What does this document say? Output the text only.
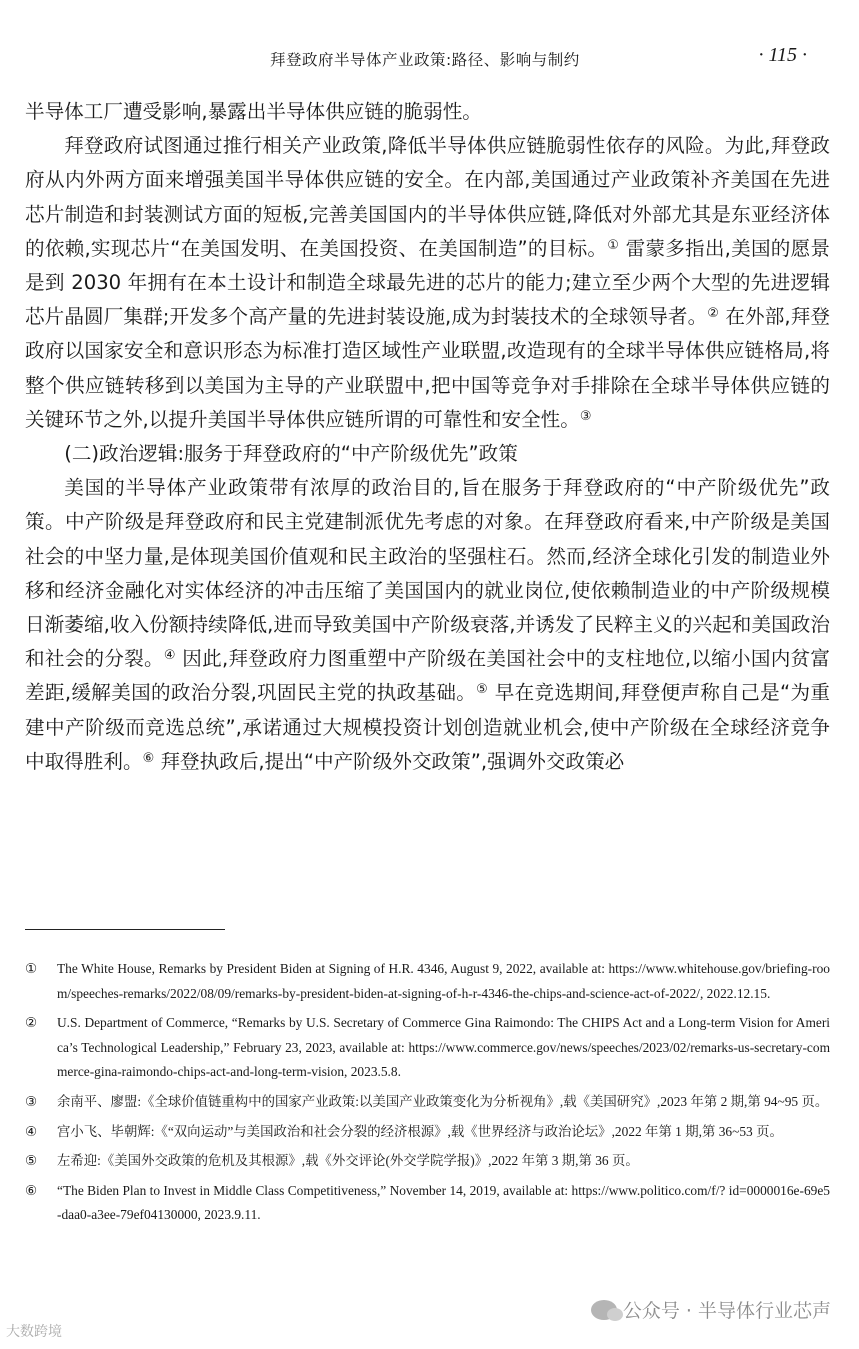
拜登政府半导体产业政策:路径、影响与制约	· 115 ·

半导体工厂遭受影响,暴露出半导体供应链的脆弱性。

拜登政府试图通过推行相关产业政策,降低半导体供应链脆弱性依存的风险。为此,拜登政府从内外两方面来增强美国半导体供应链的安全。在内部,美国通过产业政策补齐美国在先进芯片制造和封装测试方面的短板,完善美国国内的半导体供应链,降低对外部尤其是东亚经济体的依赖,实现芯片“在美国发明、在美国投资、在美国制造”的目标。① 雷蒙多指出,美国的愿景是到 2030 年拥有在本土设计和制造全球最先进的芯片的能力;建立至少两个大型的先进逻辑芯片晶圆厂集群;开发多个高产量的先进封装设施,成为封装技术的全球领导者。② 在外部,拜登政府以国家安全和意识形态为标准打造区域性产业联盟,改造现有的全球半导体供应链格局,将整个供应链转移到以美国为主导的产业联盟中,把中国等竞争对手排除在全球半导体供应链的关键环节之外,以提升美国半导体供应链所谓的可靠性和安全性。③

(二)政治逻辑:服务于拜登政府的“中产阶级优先”政策

美国的半导体产业政策带有浓厚的政治目的,旨在服务于拜登政府的“中产阶级优先”政策。中产阶级是拜登政府和民主党建制派优先考虑的对象。在拜登政府看来,中产阶级是美国社会的中坚力量,是体现美国价值观和民主政治的坚强柱石。然而,经济全球化引发的制造业外移和经济金融化对实体经济的冲击压缩了美国国内的就业岗位,使依赖制造业的中产阶级规模日渐萎缩,收入份额持续降低,进而导致美国中产阶级衰落,并诱发了民粹主义的兴起和美国政治和社会的分裂。④ 因此,拜登政府力图重塑中产阶级在美国社会中的支柱地位,以缩小国内贫富差距,缓解美国的政治分裂,巩固民主党的执政基础。⑤ 早在竞选期间,拜登便声称自己是“为重建中产阶级而竞选总统”,承诺通过大规模投资计划创造就业机会,使中产阶级在全球经济竞争中取得胜利。⑥ 拜登执政后,提出“中产阶级外交政策”,强调外交政策必

①	The White House, Remarks by President Biden at Signing of H.R. 4346, August 9, 2022, available at: https://www.whitehouse.gov/briefing-room/speeches-remarks/2022/08/09/remarks-by-president-biden-at-signing-of-h-r-4346-the-chips-and-science-act-of-2022/, 2022.12.15.
②	U.S. Department of Commerce, “Remarks by U.S. Secretary of Commerce Gina Raimondo: The CHIPS Act and a Long-term Vision for America’s Technological Leadership,” February 23, 2023, available at: https://www.commerce.gov/news/speeches/2023/02/remarks-us-secretary-commerce-gina-raimondo-chips-act-and-long-term-vision, 2023.5.8.
③	余南平、廖盟:《全球价值链重构中的国家产业政策:以美国产业政策变化为分析视角》,载《美国研究》,2023 年第 2 期,第 94~95 页。
④	宫小飞、毕朝辉:《“双向运动”与美国政治和社会分裂的经济根源》,载《世界经济与政治论坛》,2022 年第 1 期,第 36~53 页。
⑤	左希迎:《美国外交政策的危机及其根源》,载《外交评论(外交学院学报)》,2022 年第 3 期,第 36 页。
⑥	“The Biden Plan to Invest in Middle Class Competitiveness,” November 14, 2019, available at: https://www.politico.com/f/? id=0000016e-69e5-daa0-a3ee-79ef04130000, 2023.9.11.
公众号 · 半导体行业芯声
大数跨境
